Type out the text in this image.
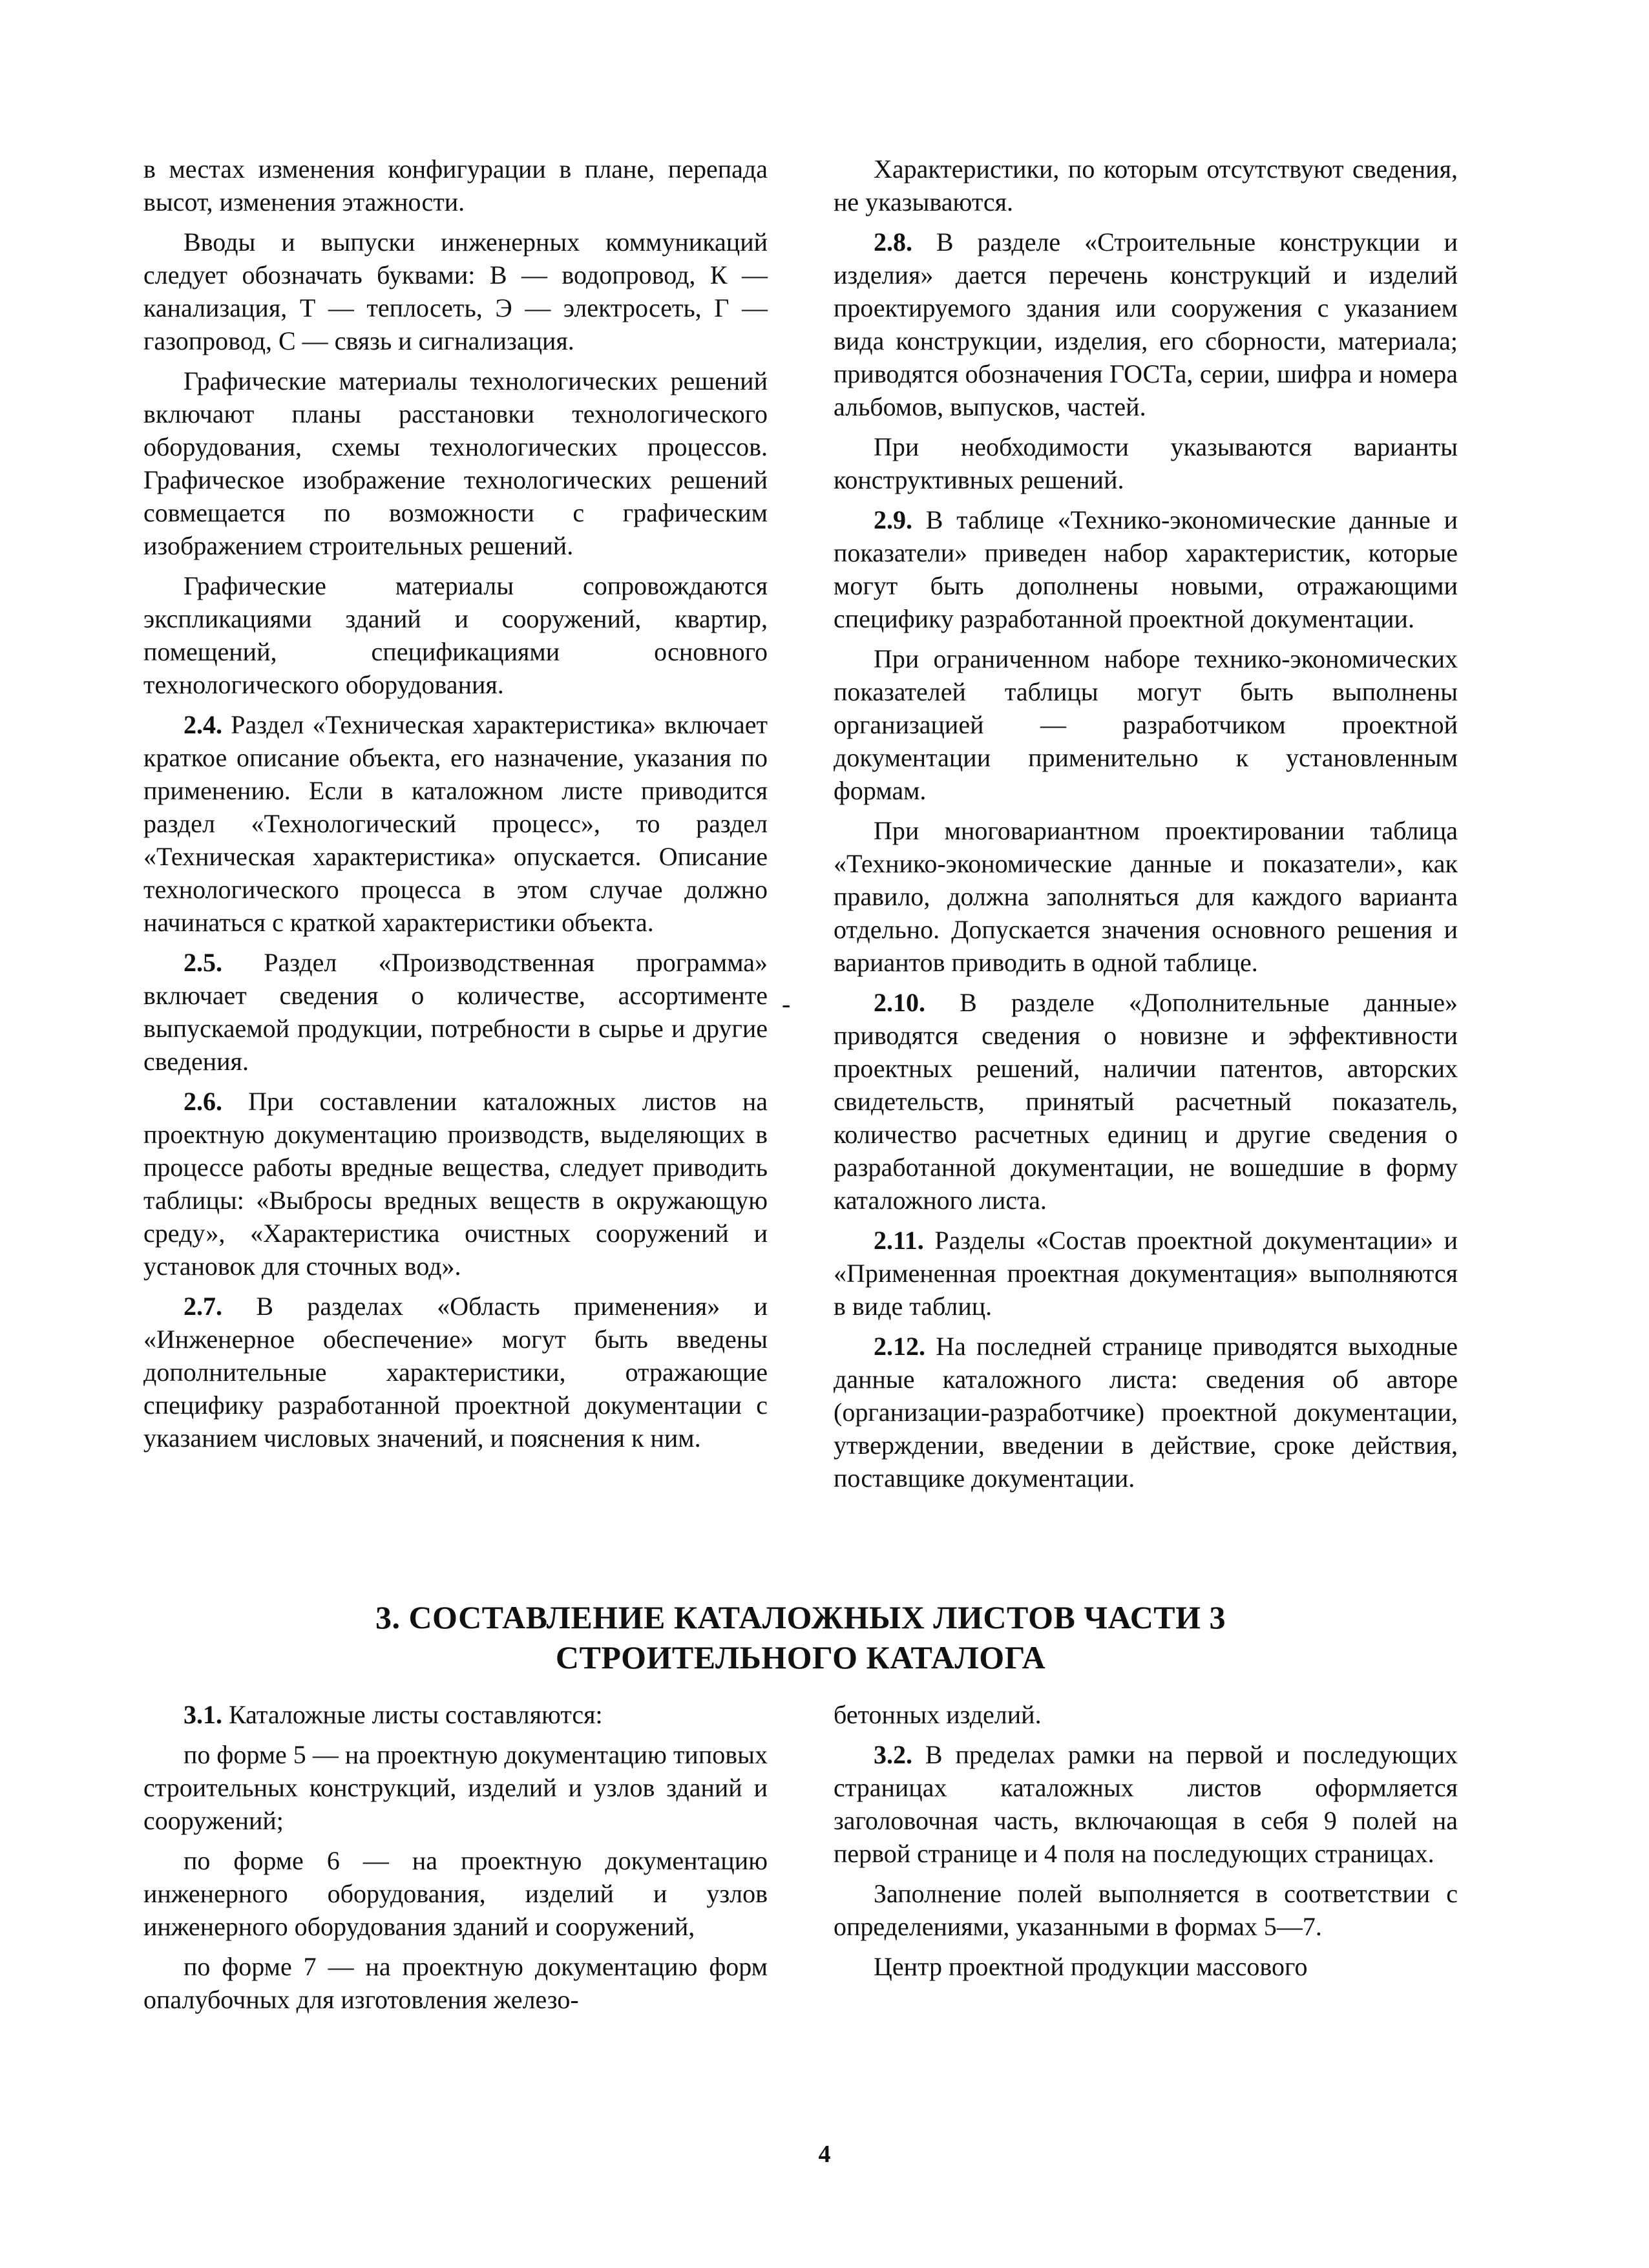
в местах изменения конфигурации в плане, перепада высот, изменения этажности.

Вводы и выпуски инженерных коммуникаций следует обозначать буквами: В — водопровод, К — канализация, Т — теплосеть, Э — электросеть, Г — газопровод, С — связь и сигнализация.

Графические материалы технологических решений включают планы расстановки технологического оборудования, схемы технологических процессов. Графическое изображение технологических решений совмещается по возможности с графическим изображением строительных решений.

Графические материалы сопровождаются экспликациями зданий и сооружений, квартир, помещений, спецификациями основного технологического оборудования.

2.4. Раздел «Техническая характеристика» включает краткое описание объекта, его назначение, указания по применению. Если в каталожном листе приводится раздел «Технологический процесс», то раздел «Техническая характеристика» опускается. Описание технологического процесса в этом случае должно начинаться с краткой характеристики объекта.

2.5. Раздел «Производственная программа» включает сведения о количестве, ассортименте выпускаемой продукции, потребности в сырье и другие сведения.

2.6. При составлении каталожных листов на проектную документацию производств, выделяющих в процессе работы вредные вещества, следует приводить таблицы: «Выбросы вредных веществ в окружающую среду», «Характеристика очистных сооружений и установок для сточных вод».

2.7. В разделах «Область применения» и «Инженерное обеспечение» могут быть введены дополнительные характеристики, отражающие специфику разработанной проектной документации с указанием числовых значений, и пояснения к ним.

Характеристики, по которым отсутствуют сведения, не указываются.

2.8. В разделе «Строительные конструкции и изделия» дается перечень конструкций и изделий проектируемого здания или сооружения с указанием вида конструкции, изделия, его сборности, материала; приводятся обозначения ГОСТа, серии, шифра и номера альбомов, выпусков, частей.

При необходимости указываются варианты конструктивных решений.

2.9. В таблице «Технико-экономические данные и показатели» приведен набор характеристик, которые могут быть дополнены новыми, отражающими специфику разработанной проектной документации.

При ограниченном наборе технико-экономических показателей таблицы могут быть выполнены организацией — разработчиком проектной документации применительно к установленным формам.

При многовариантном проектировании таблица «Технико-экономические данные и показатели», как правило, должна заполняться для каждого варианта отдельно. Допускается значения основного решения и вариантов приводить в одной таблице.

2.10. В разделе «Дополнительные данные» приводятся сведения о новизне и эффективности проектных решений, наличии патентов, авторских свидетельств, принятый расчетный показатель, количество расчетных единиц и другие сведения о разработанной документации, не вошедшие в форму каталожного листа.

2.11. Разделы «Состав проектной документации» и «Примененная проектная документация» выполняются в виде таблиц.

2.12. На последней странице приводятся выходные данные каталожного листа: сведения об авторе (организации-разработчике) проектной документации, утверждении, введении в действие, сроке действия, поставщике документации.

3. СОСТАВЛЕНИЕ КАТАЛОЖНЫХ ЛИСТОВ ЧАСТИ 3
СТРОИТЕЛЬНОГО КАТАЛОГА

3.1. Каталожные листы составляются:

по форме 5 — на проектную документацию типовых строительных конструкций, изделий и узлов зданий и сооружений;

по форме 6 — на проектную документацию инженерного оборудования, изделий и узлов инженерного оборудования зданий и сооружений,

по форме 7 — на проектную документацию форм опалубочных для изготовления железо-

бетонных изделий.

3.2. В пределах рамки на первой и последующих страницах каталожных листов оформляется заголовочная часть, включающая в себя 9 полей на первой странице и 4 поля на последующих страницах.

Заполнение полей выполняется в соответствии с определениями, указанными в формах 5—7.

Центр проектной продукции массового

-
4
